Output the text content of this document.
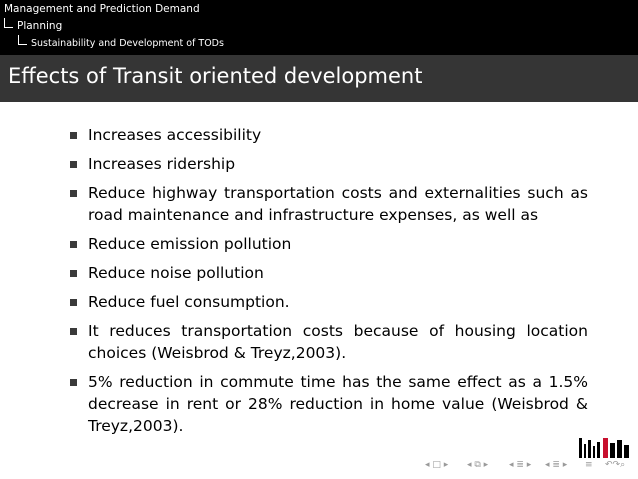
Management and Prediction Demand
Planning
Sustainability and Development of TODs
Effects of Transit oriented development
Increases accessibility
Increases ridership
Reduce highway transportation costs and externalities such as road maintenance and infrastructure expenses, as well as
Reduce emission pollution
Reduce noise pollution
Reduce fuel consumption.
It reduces transportation costs because of housing location choices (Weisbrod & Treyz,2003).
5% reduction in commute time has the same effect as a 1.5% decrease in rent or 28% reduction in home value (Weisbrod & Treyz,2003).
◂ □ ▸ ◂ ⧉ ▸ ◂ ≣ ▸ ◂ ≣ ▸ ≡ ↶↷⌕
